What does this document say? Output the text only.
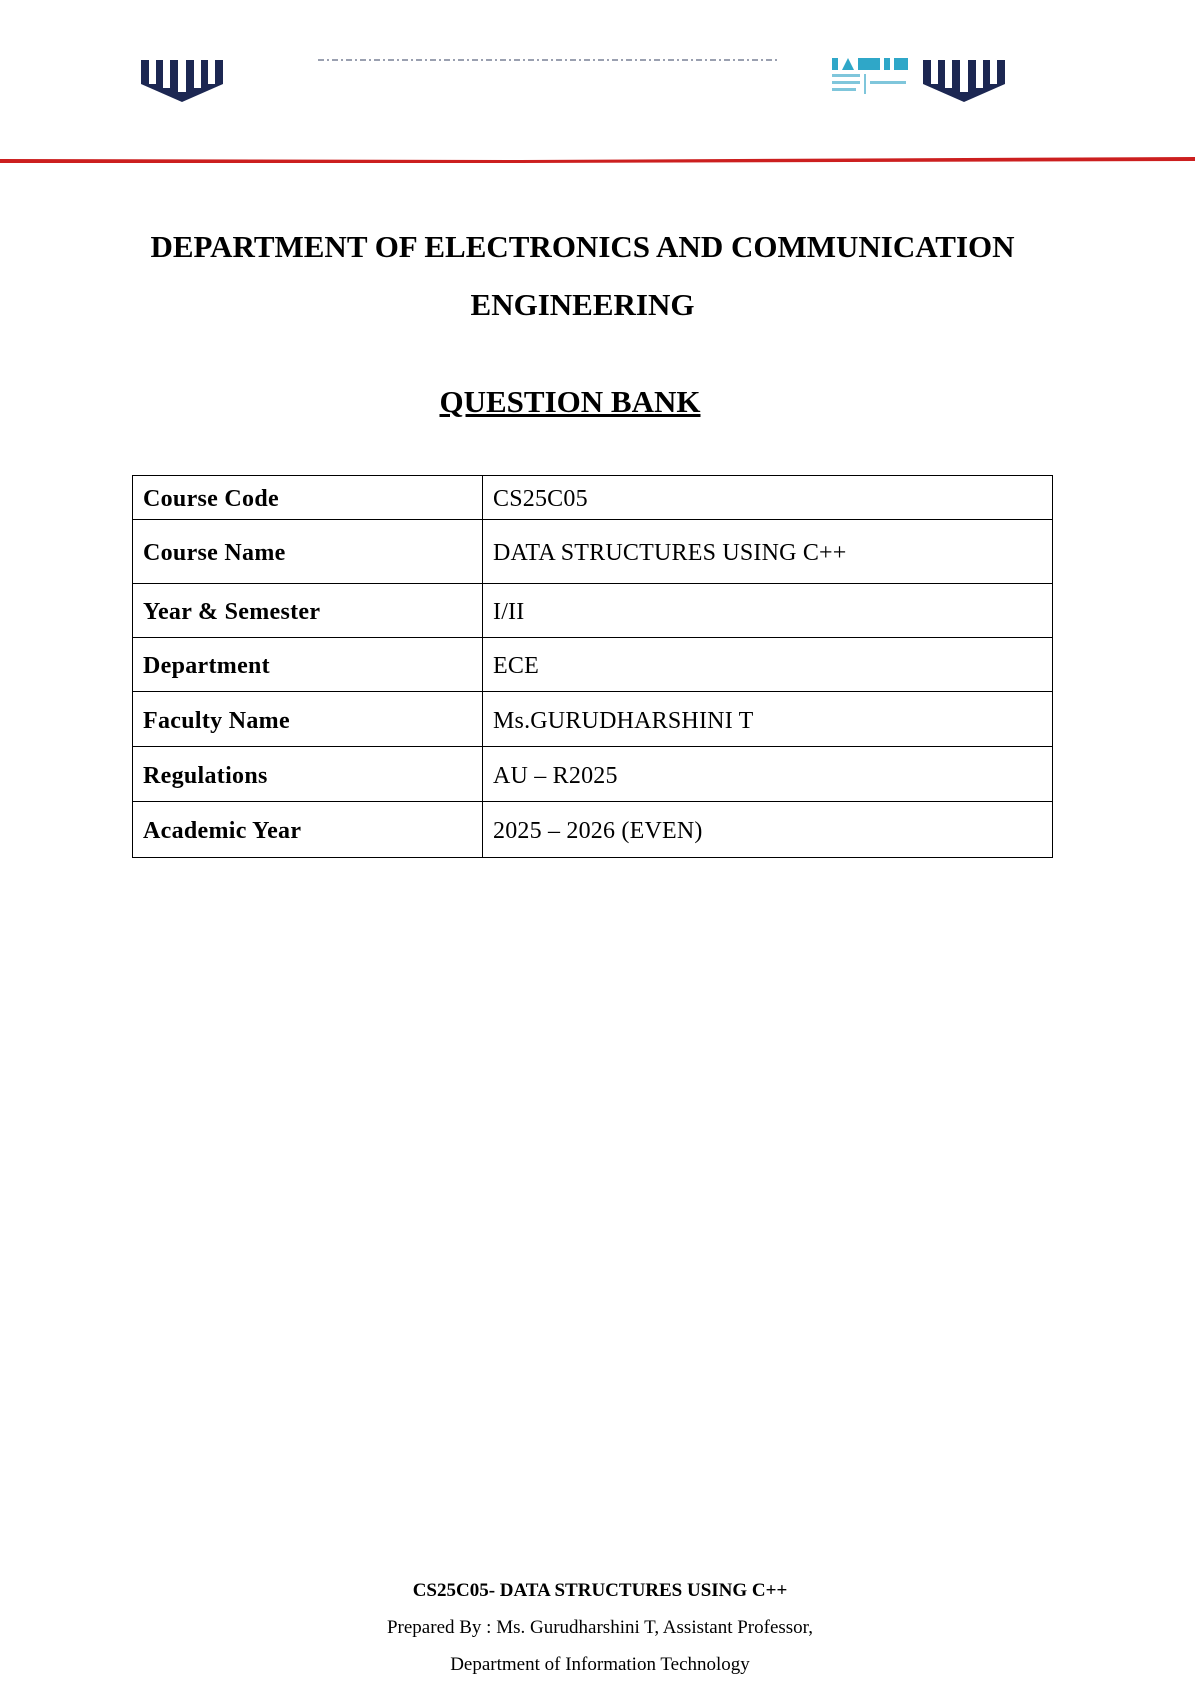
DEPARTMENT OF ELECTRONICS AND COMMUNICATION
ENGINEERING
QUESTION BANK
Course Code	CS25C05
Course Name	DATA STRUCTURES USING C++
Year & Semester	I/II
Department	ECE
Faculty Name	Ms.GURUDHARSHINI T
Regulations	AU – R2025
Academic Year	2025 – 2026 (EVEN)
CS25C05- DATA STRUCTURES USING C++
Prepared By : Ms. Gurudharshini T, Assistant Professor,
Department of Information Technology
